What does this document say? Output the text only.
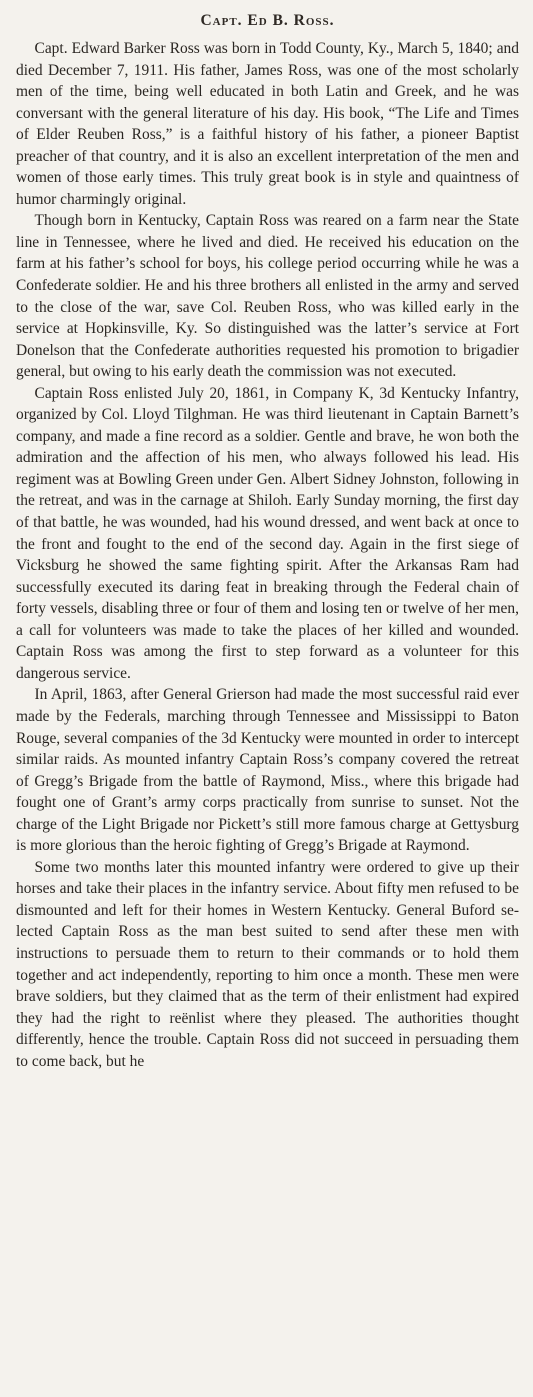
Capt. Ed B. Ross.

Capt. Edward Barker Ross was born in Todd County, Ky., March 5, 1840; and died December 7, 1911. His father, James Ross, was one of the most scholarly men of the time, being well educated in both Latin and Greek, and he was conversant with the general literature of his day. His book, “The Life and Times of Elder Reuben Ross,” is a faithful history of his father, a pioneer Baptist preacher of that country, and it is also an excellent interpretation of the men and women of those early times. This truly great book is in style and quaintness of humor charmingly original.

Though born in Kentucky, Captain Ross was reared on a farm near the State line in Tennessee, where he lived and died. He received his education on the farm at his father’s school for boys, his college period occurring while he was a Confederate soldier. He and his three brothers all enlisted in the army and served to the close of the war, save Col. Reuben Ross, who was killed early in the service at Hopkinsville, Ky. So distinguished was the latter’s service at Fort Donelson that the Confederate authorities requested his promotion to brigadier general, but owing to his early death the commission was not executed.

Captain Ross enlisted July 20, 1861, in Company K, 3d Kentucky Infantry, organized by Col. Lloyd Tilghman. He was third lieutenant in Captain Barnett’s company, and made a fine record as a soldier. Gentle and brave, he won both the admiration and the affection of his men, who always followed his lead. His regiment was at Bowling Green under Gen. Albert Sidney Johnston, following in the retreat, and was in the carnage at Shiloh. Early Sunday morning, the first day of that battle, he was wounded, had his wound dressed, and went back at once to the front and fought to the end of the second day. Again in the first siege of Vicksburg he showed the same fighting spirit. After the Arkansas Ram had successfully executed its daring feat in breaking through the Federal chain of forty vessels, disabling three or four of them and losing ten or twelve of her men, a call for volunteers was made to take the places of her killed and wounded. Captain Ross was among the first to step forward as a volunteer for this dangerous service.

In April, 1863, after General Grierson had made the most successful raid ever made by the Federals, marching through Tennessee and Mississippi to Baton Rouge, several companies of the 3d Kentucky were mounted in order to intercept similar raids. As mounted infantry Captain Ross’s company covered the retreat of Gregg’s Brigade from the battle of Raymond, Miss., where this brigade had fought one of Grant’s army corps practically from sunrise to sunset. Not the charge of the Light Brigade nor Pickett’s still more famous charge at Gettysburg is more glorious than the heroic fighting of Gregg’s Brigade at Raymond.

Some two months later this mounted infantry were ordered to give up their horses and take their places in the infantry service. About fifty men refused to be dismounted and left for their homes in Western Kentucky. General Buford selected Captain Ross as the man best suited to send after these men with instructions to persuade them to return to their commands or to hold them together and act independently, reporting to him once a month. These men were brave soldiers, but they claimed that as the term of their enlistment had expired they had the right to reënlist where they pleased. The authorities thought differently, hence the trouble. Captain Ross did not succeed in persuading them to come back, but he
